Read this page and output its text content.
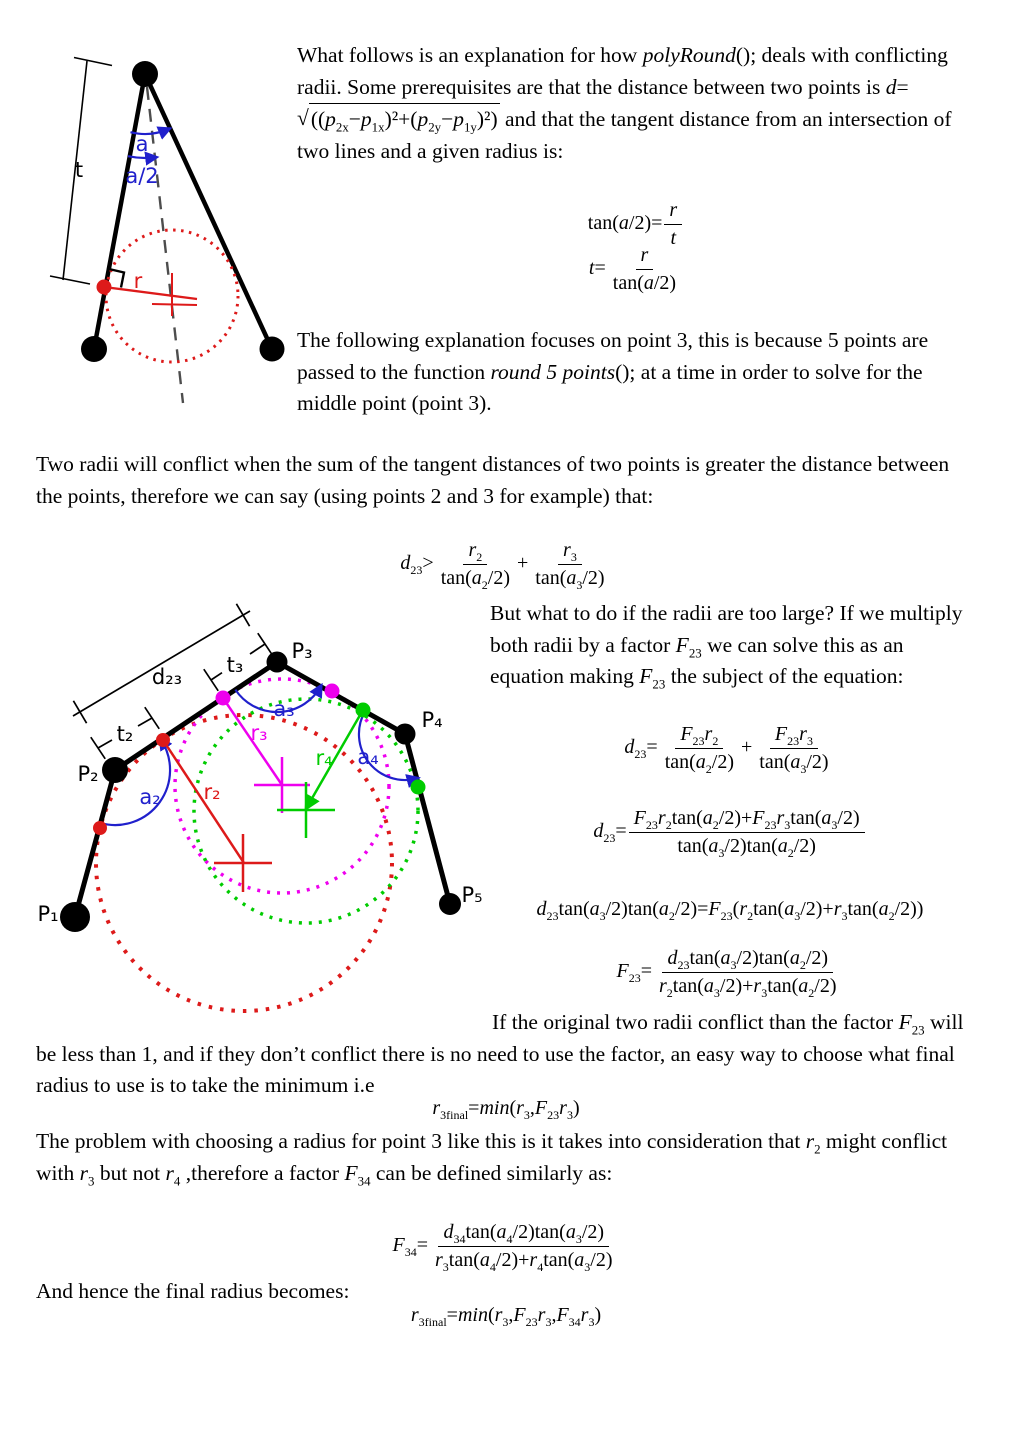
t
a
a/2
r
What follows is an explanation for how polyRound(); deals with conflicting radii. Some prerequisites are that the distance between two points is $d=√((p_{2x}-p_{1x})^2+(p_{2y}-p_{1y})^2)$ and that the tangent distance from an intersection of two lines and a given radius is:
$\tan(a/2)= \frac{r}{t}$
$t= \frac{r}{\tan(a/2)}$
The following explanation focuses on point 3, this is because 5 points are passed to the function round 5 points(); at a time in order to solve for the middle point (point 3).
Two radii will conflict when the sum of the tangent distances of two points is greater the distance between the points, therefore we can say (using points 2 and 3 for example) that:
$d_{23}> \frac{r_2}{\tan(a_2/2)} + \frac{r_3}{\tan(a_3/2)}$
d₂₃
t₂
t₃
a₂
a₃
a₄
r₂
r₃
r₄
P₁
P₂
P₃
P₄
P₅
But what to do if the radii are too large? If we multiply both radii by a factor $F_{23}$ we can solve this as an equation making $F_{23}$ the subject of the equation:
$d_{23}= \frac{F_{23}r_2}{\tan(a_2/2)} + \frac{F_{23}r_3}{\tan(a_3/2)}$
$d_{23}= \frac{F_{23}r_2\tan(a_2/2)+F_{23}r_3\tan(a_3/2)}{\tan(a_3/2)\tan(a_2/2)}$
$d_{23}\tan(a_3/2)\tan(a_2/2)=F_{23}(r_2\tan(a_3/2)+r_3\tan(a_2/2))$
$F_{23}= \frac{d_{23}\tan(a_3/2)\tan(a_2/2)}{r_2\tan(a_3/2)+r_3\tan(a_2/2)}$
If the original two radii conflict than the factor $F_{23}$ will be less than 1, and if they don’t conflict there is no need to use the factor, an easy way to choose what final radius to use is to take the minimum i.e
$r_{3final}=\min(r_3,F_{23}r_3)$
The problem with choosing a radius for point 3 like this is it takes into consideration that $r_2$ might conflict with $r_3$ but not $r_4$ ,therefore a factor $F_{34}$ can be defined similarly as:
$F_{34}= \frac{d_{34}\tan(a_4/2)\tan(a_3/2)}{r_3\tan(a_4/2)+r_4\tan(a_3/2)}$
And hence the final radius becomes:
$r_{3final}=\min(r_3,F_{23}r_3,F_{34}r_3)$
